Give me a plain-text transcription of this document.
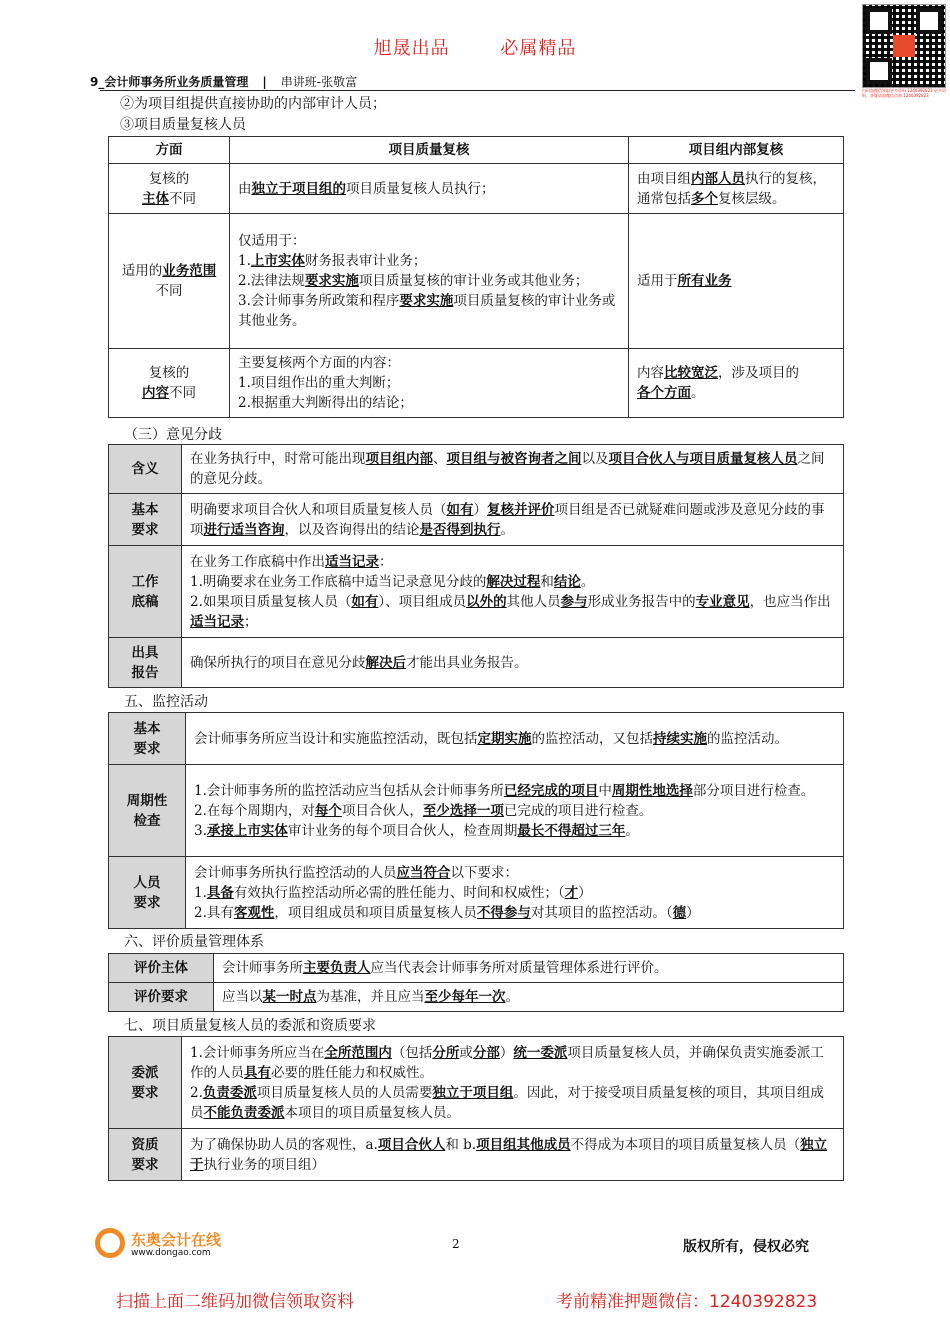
旭晟出品	必属精品
扫码加微信领取更多资料 1240392823 更多资料，答疑请加微信咨询 1240392823
9_会计师事务所业务质量管理 | 串讲班-张敬富
②为项目组提供直接协助的内部审计人员；
③项目质量复核人员
方面	项目质量复核	项目组内部复核
复核的
主体不同	由独立于项目组的项目质量复核人员执行；	由项目组内部人员执行的复核，通常包括多个复核层级。
适用的业务范围不同	仅适用于：
1.上市实体财务报表审计业务；
2.法律法规要求实施项目质量复核的审计业务或其他业务；
3.会计师事务所政策和程序要求实施项目质量复核的审计业务或其他业务。	适用于所有业务
复核的
内容不同	主要复核两个方面的内容：
1.项目组作出的重大判断；
2.根据重大判断得出的结论；	内容比较宽泛，涉及项目的
各个方面。
（三）意见分歧
含义	在业务执行中，时常可能出现项目组内部、项目组与被咨询者之间以及项目合伙人与项目质量复核人员之间的意见分歧。
基本
要求	明确要求项目合伙人和项目质量复核人员（如有）复核并评价项目组是否已就疑难问题或涉及意见分歧的事项进行适当咨询，以及咨询得出的结论是否得到执行。
工作
底稿	在业务工作底稿中作出适当记录：
1.明确要求在业务工作底稿中适当记录意见分歧的解决过程和结论。
2.如果项目质量复核人员（如有）、项目组成员以外的其他人员参与形成业务报告中的专业意见，也应当作出适当记录；
出具
报告	确保所执行的项目在意见分歧解决后才能出具业务报告。
五、监控活动
基本
要求	会计师事务所应当设计和实施监控活动，既包括定期实施的监控活动，又包括持续实施的监控活动。
周期性
检查	1.会计师事务所的监控活动应当包括从会计师事务所已经完成的项目中周期性地选择部分项目进行检查。
2.在每个周期内，对每个项目合伙人，至少选择一项已完成的项目进行检查。
3.承接上市实体审计业务的每个项目合伙人，检查周期最长不得超过三年。
人员
要求	会计师事务所执行监控活动的人员应当符合以下要求：
1.具备有效执行监控活动所必需的胜任能力、时间和权威性；（才）
2.具有客观性，项目组成员和项目质量复核人员不得参与对其项目的监控活动。（德）
六、评价质量管理体系
评价主体	会计师事务所主要负责人应当代表会计师事务所对质量管理体系进行评价。
评价要求	应当以某一时点为基准，并且应当至少每年一次。
七、项目质量复核人员的委派和资质要求
委派
要求	1.会计师事务所应当在全所范围内（包括分所或分部）统一委派项目质量复核人员，并确保负责实施委派工作的人员具有必要的胜任能力和权威性。
2.负责委派项目质量复核人员的人员需要独立于项目组。因此，对于接受项目质量复核的项目，其项目组成员不能负责委派本项目的项目质量复核人员。
资质
要求	为了确保协助人员的客观性，a.项目合伙人和 b.项目组其他成员不得成为本项目的项目质量复核人员（独立于执行业务的项目组）
东奥会计在线
www.dongao.com
2	版权所有，侵权必究
扫描上面二维码加微信领取资料	考前精准押题微信：1240392823
